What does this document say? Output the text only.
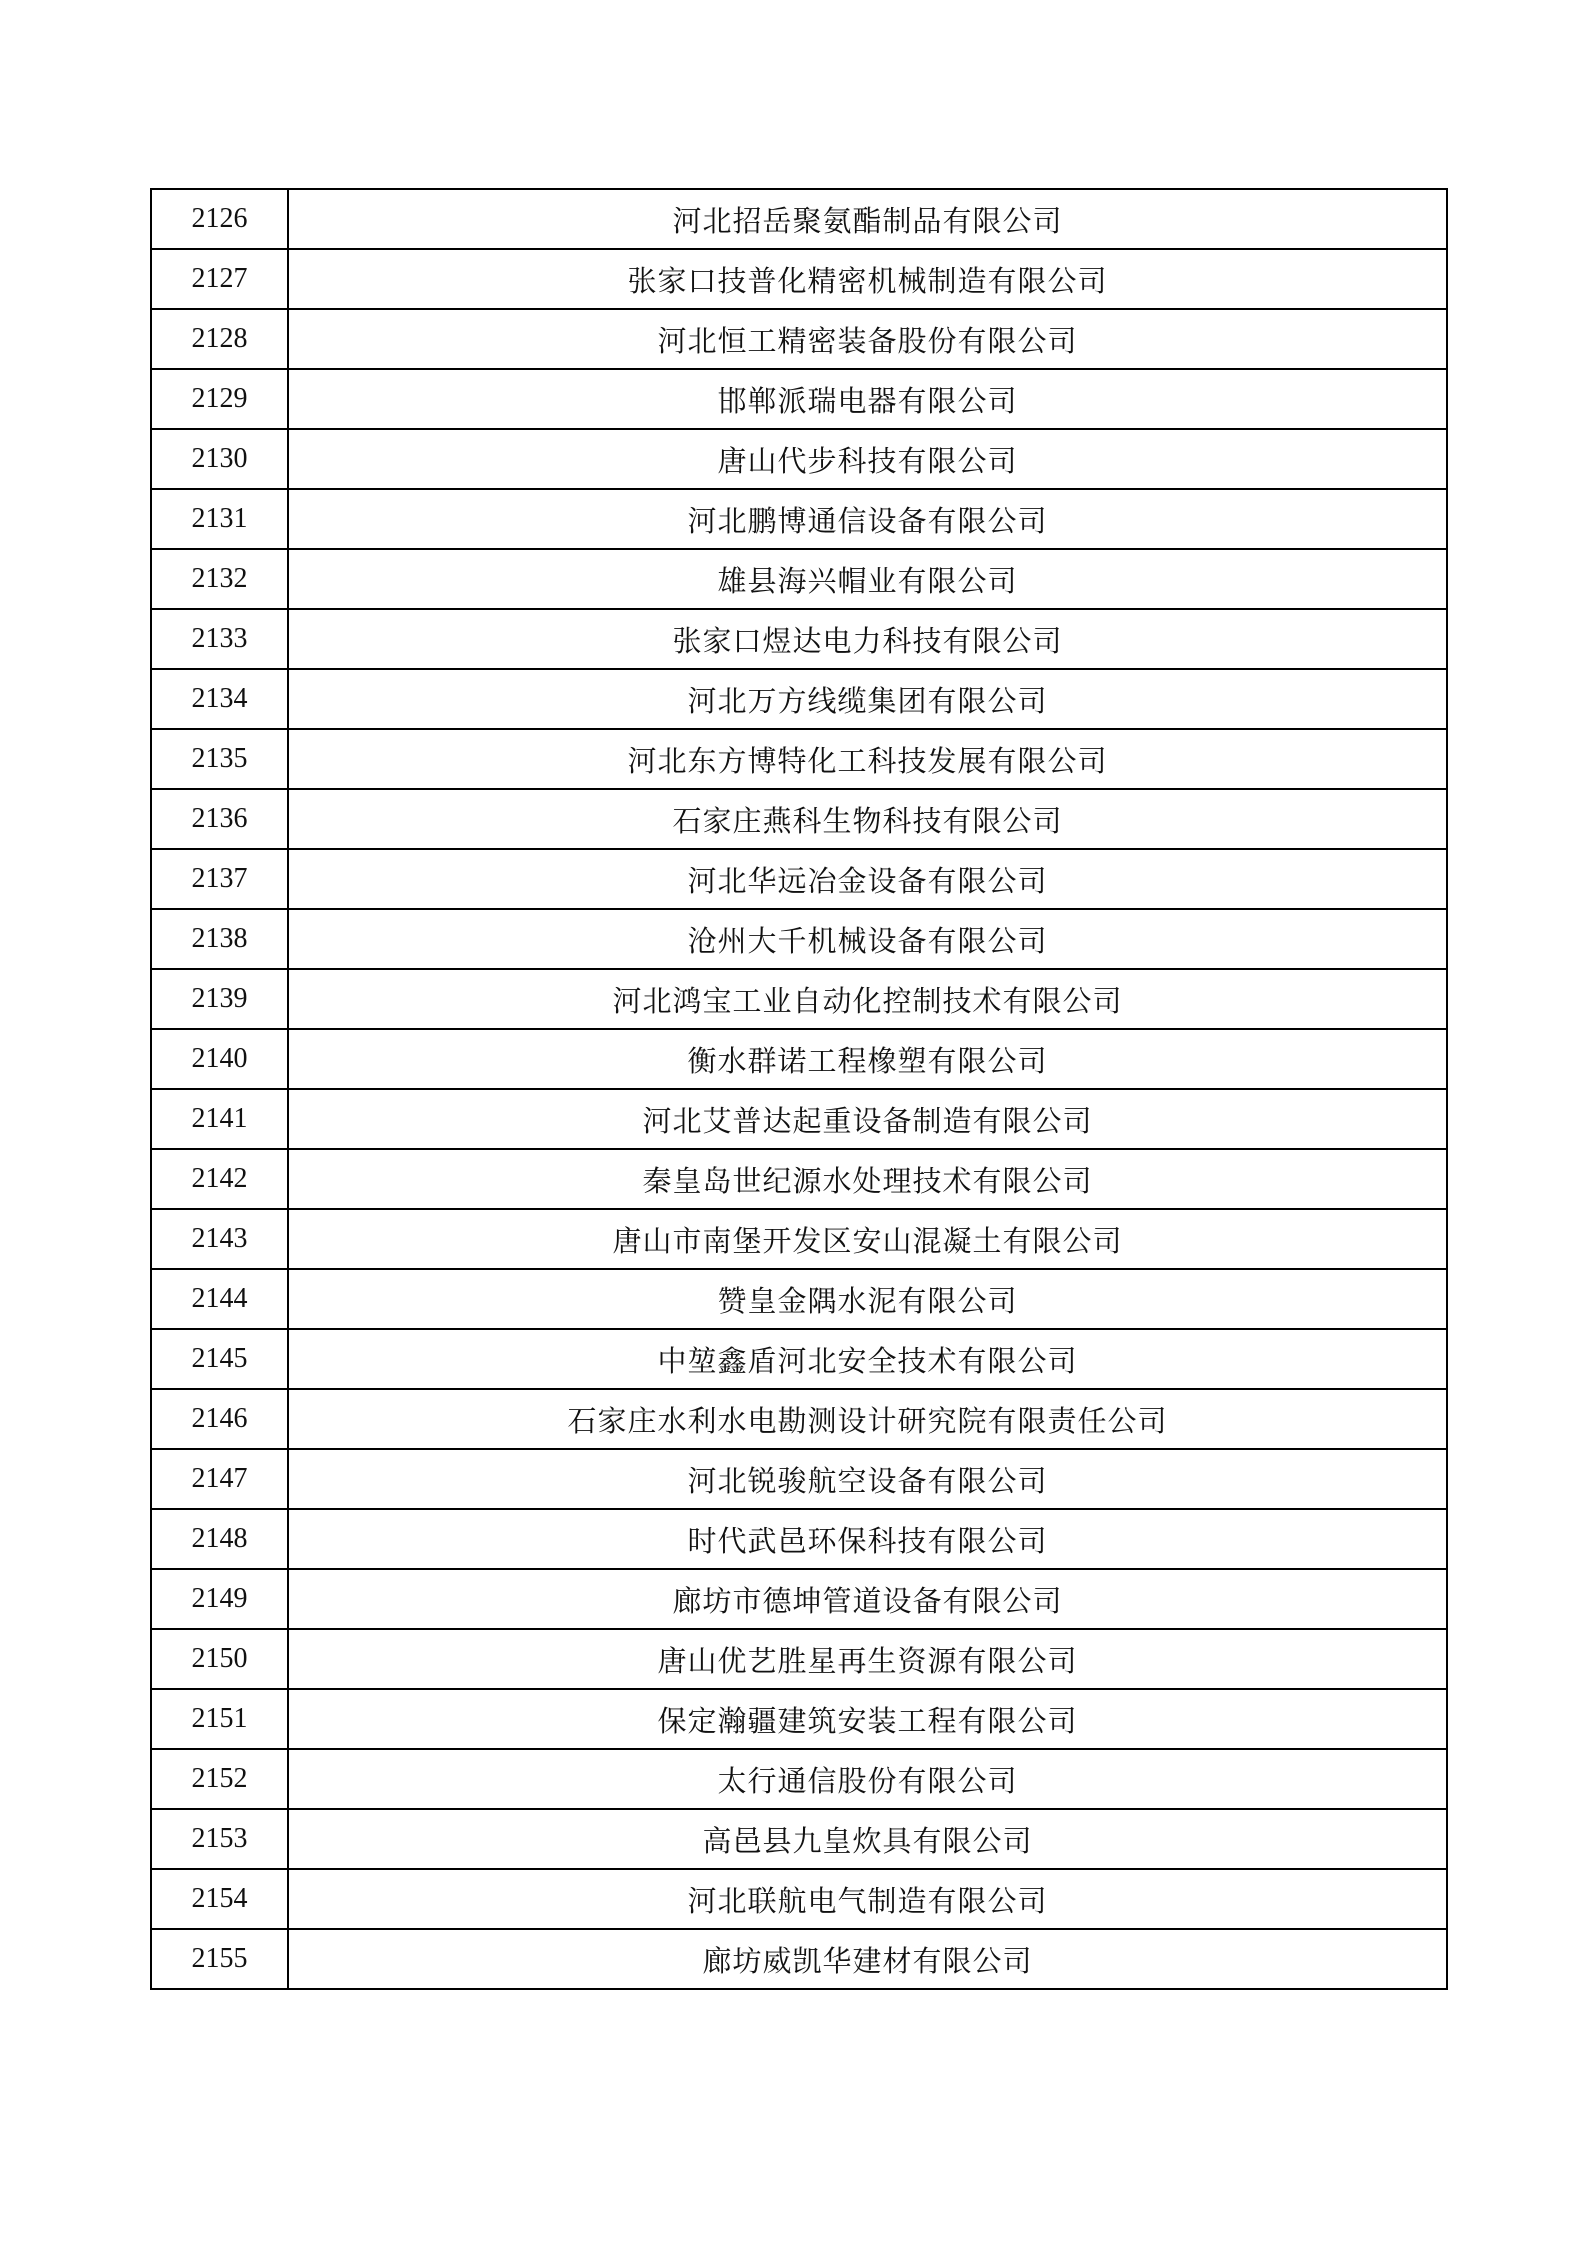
2126	河北招岳聚氨酯制品有限公司
2127	张家口技普化精密机械制造有限公司
2128	河北恒工精密装备股份有限公司
2129	邯郸派瑞电器有限公司
2130	唐山代步科技有限公司
2131	河北鹏博通信设备有限公司
2132	雄县海兴帽业有限公司
2133	张家口煜达电力科技有限公司
2134	河北万方线缆集团有限公司
2135	河北东方博特化工科技发展有限公司
2136	石家庄燕科生物科技有限公司
2137	河北华远冶金设备有限公司
2138	沧州大千机械设备有限公司
2139	河北鸿宝工业自动化控制技术有限公司
2140	衡水群诺工程橡塑有限公司
2141	河北艾普达起重设备制造有限公司
2142	秦皇岛世纪源水处理技术有限公司
2143	唐山市南堡开发区安山混凝土有限公司
2144	赞皇金隅水泥有限公司
2145	中堃鑫盾河北安全技术有限公司
2146	石家庄水利水电勘测设计研究院有限责任公司
2147	河北锐骏航空设备有限公司
2148	时代武邑环保科技有限公司
2149	廊坊市德坤管道设备有限公司
2150	唐山优艺胜星再生资源有限公司
2151	保定瀚疆建筑安装工程有限公司
2152	太行通信股份有限公司
2153	高邑县九皇炊具有限公司
2154	河北联航电气制造有限公司
2155	廊坊威凯华建材有限公司
